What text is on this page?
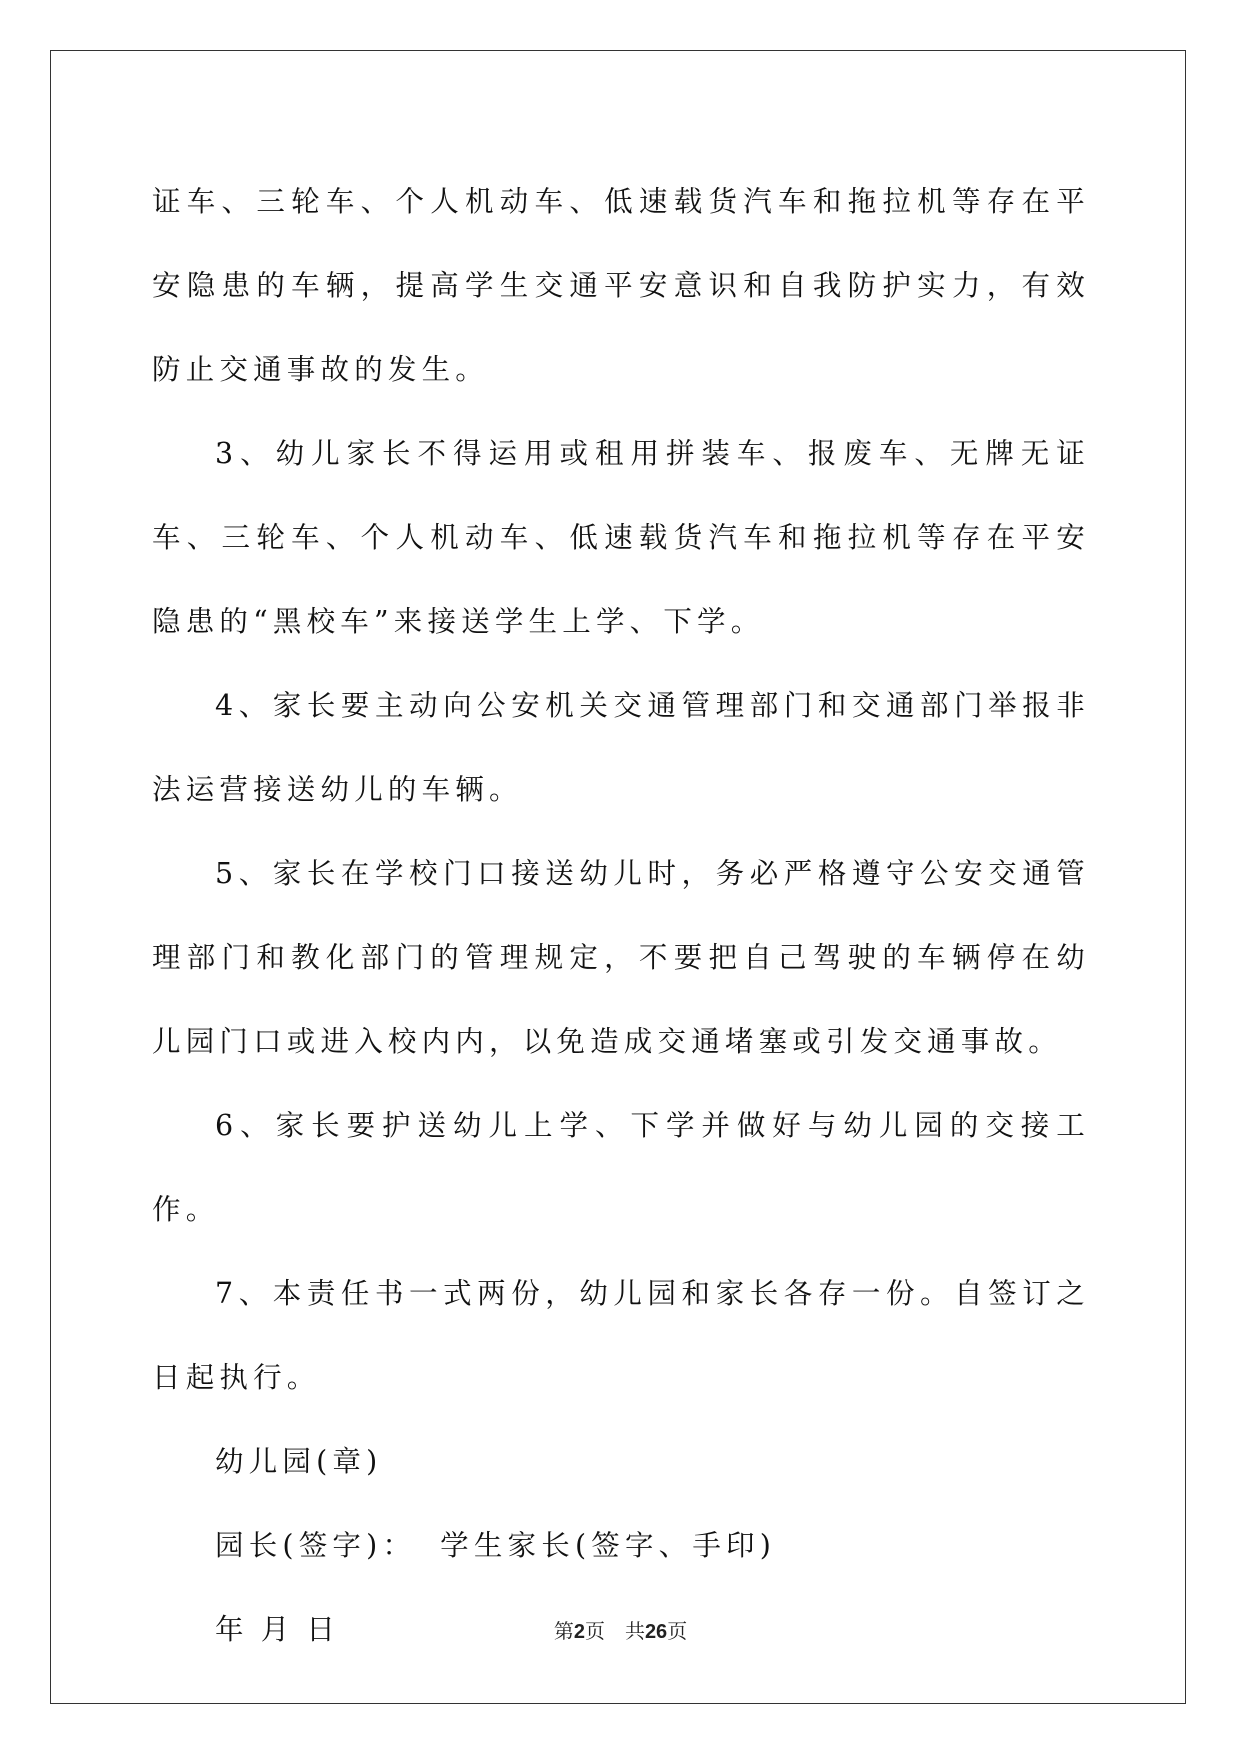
证车、三轮车、个人机动车、低速载货汽车和拖拉机等存在平安隐患的车辆，提高学生交通平安意识和自我防护实力，有效防止交通事故的发生。

3、幼儿家长不得运用或租用拼装车、报废车、无牌无证车、三轮车、个人机动车、低速载货汽车和拖拉机等存在平安隐患的“黑校车”来接送学生上学、下学。

4、家长要主动向公安机关交通管理部门和交通部门举报非法运营接送幼儿的车辆。

5、家长在学校门口接送幼儿时，务必严格遵守公安交通管理部门和教化部门的管理规定，不要把自己驾驶的车辆停在幼儿园门口或进入校内内，以免造成交通堵塞或引发交通事故。

6、家长要护送幼儿上学、下学并做好与幼儿园的交接工作。

7、本责任书一式两份，幼儿园和家长各存一份。自签订之日起执行。

幼儿园(章)

园长(签字)： 学生家长(签字、手印)

年 月 日	第2页 共26页
